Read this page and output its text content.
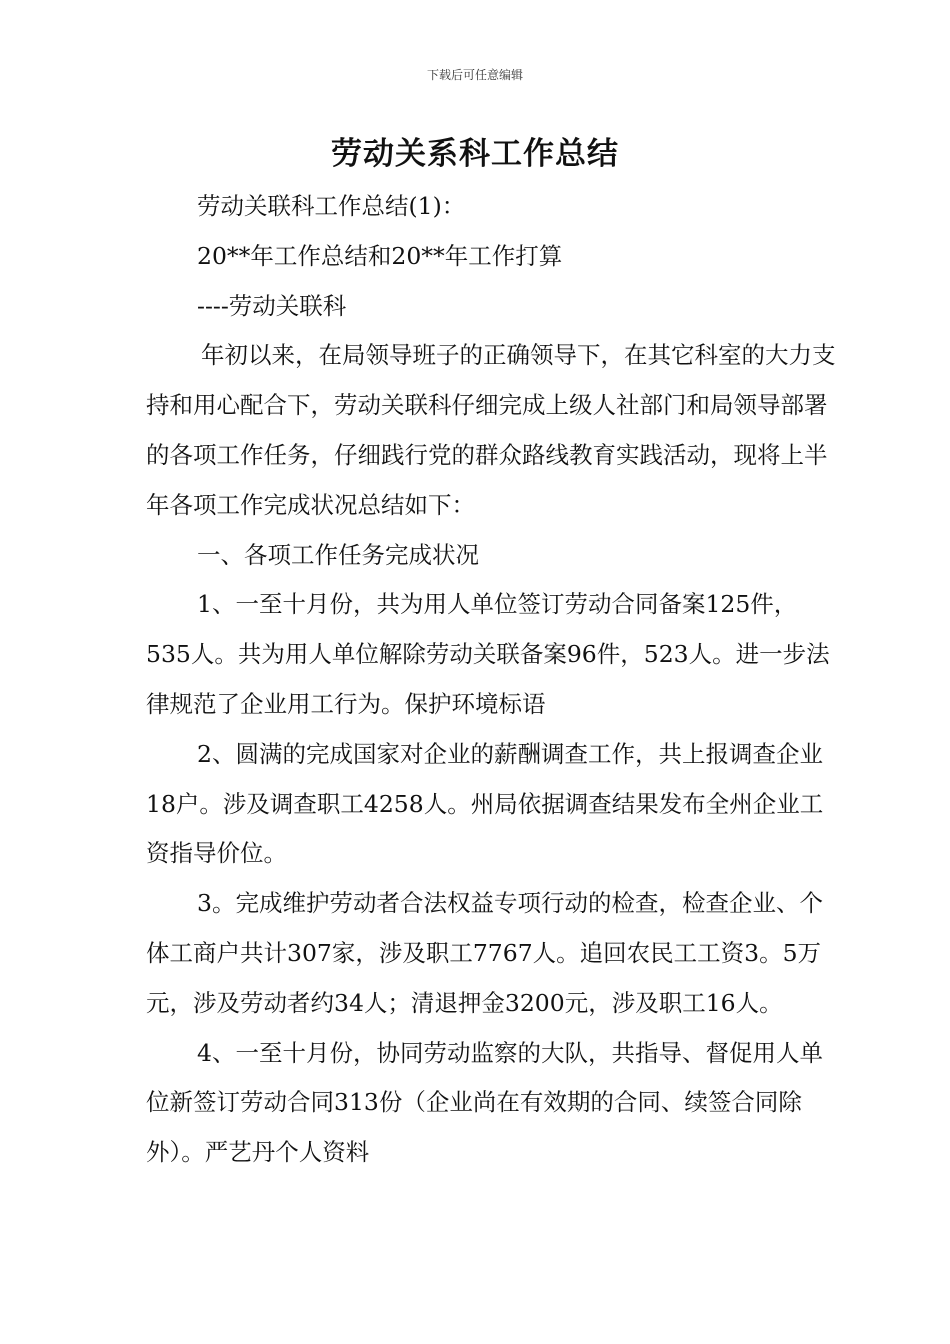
下载后可任意编辑
劳动关系科工作总结

劳动关联科工作总结(1)：

20**年工作总结和20**年工作打算

----劳动关联科

年初以来，在局领导班子的正确领导下，在其它科室的大力支持和用心配合下，劳动关联科仔细完成上级人社部门和局领导部署的各项工作任务，仔细践行党的群众路线教育实践活动，现将上半年各项工作完成状况总结如下：

一、各项工作任务完成状况

1、一至十月份，共为用人单位签订劳动合同备案125件，535人。共为用人单位解除劳动关联备案96件，523人。进一步法律规范了企业用工行为。保护环境标语

2、圆满的完成国家对企业的薪酬调查工作，共上报调查企业18户。涉及调查职工4258人。州局依据调查结果发布全州企业工资指导价位。

3。完成维护劳动者合法权益专项行动的检查，检查企业、个体工商户共计307家，涉及职工7767人。追回农民工工资3。5万元，涉及劳动者约34人；清退押金3200元，涉及职工16人。

4、一至十月份，协同劳动监察的大队，共指导、督促用人单位新签订劳动合同313份（企业尚在有效期的合同、续签合同除外）。严艺丹个人资料
